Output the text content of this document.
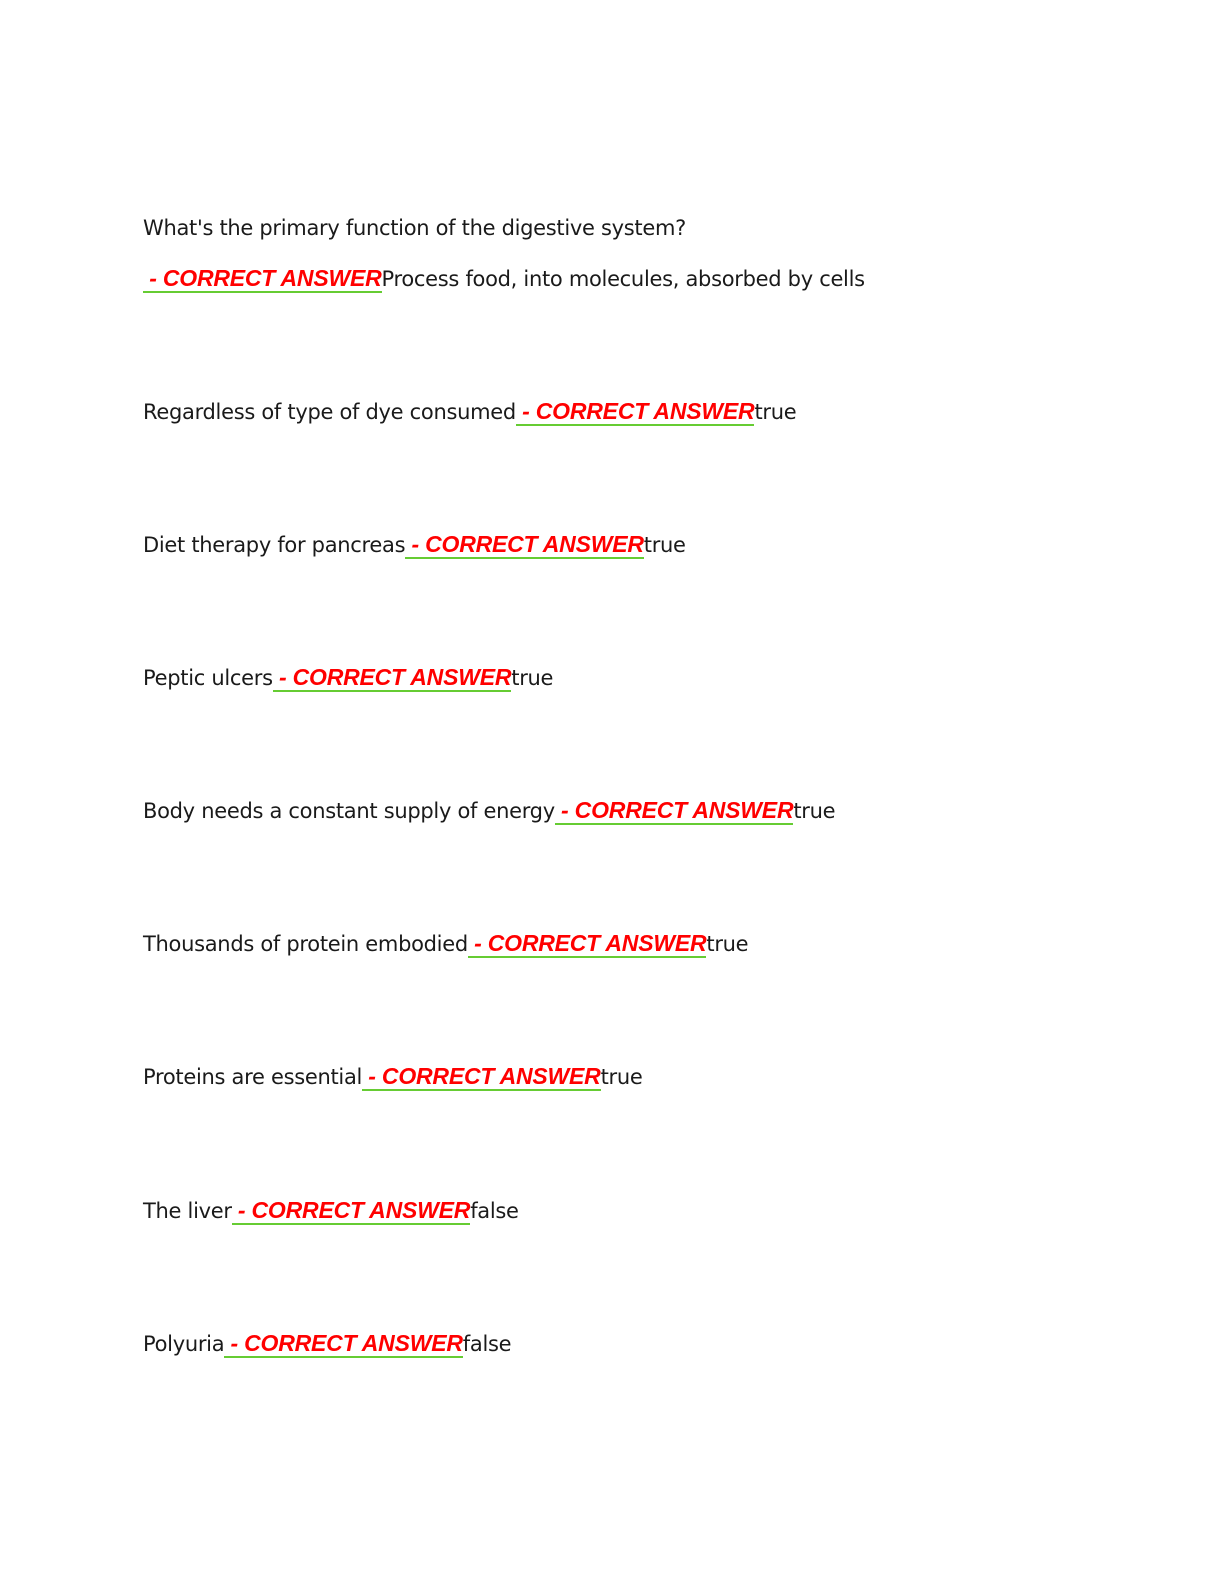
What's the primary function of the digestive system? - CORRECT ANSWERProcess food, into molecules, absorbed by cells

Regardless of type of dye consumed - CORRECT ANSWERtrue

Diet therapy for pancreas - CORRECT ANSWERtrue

Peptic ulcers - CORRECT ANSWERtrue

Body needs a constant supply of energy - CORRECT ANSWERtrue

Thousands of protein embodied - CORRECT ANSWERtrue

Proteins are essential - CORRECT ANSWERtrue

The liver - CORRECT ANSWERfalse

Polyuria - CORRECT ANSWERfalse
